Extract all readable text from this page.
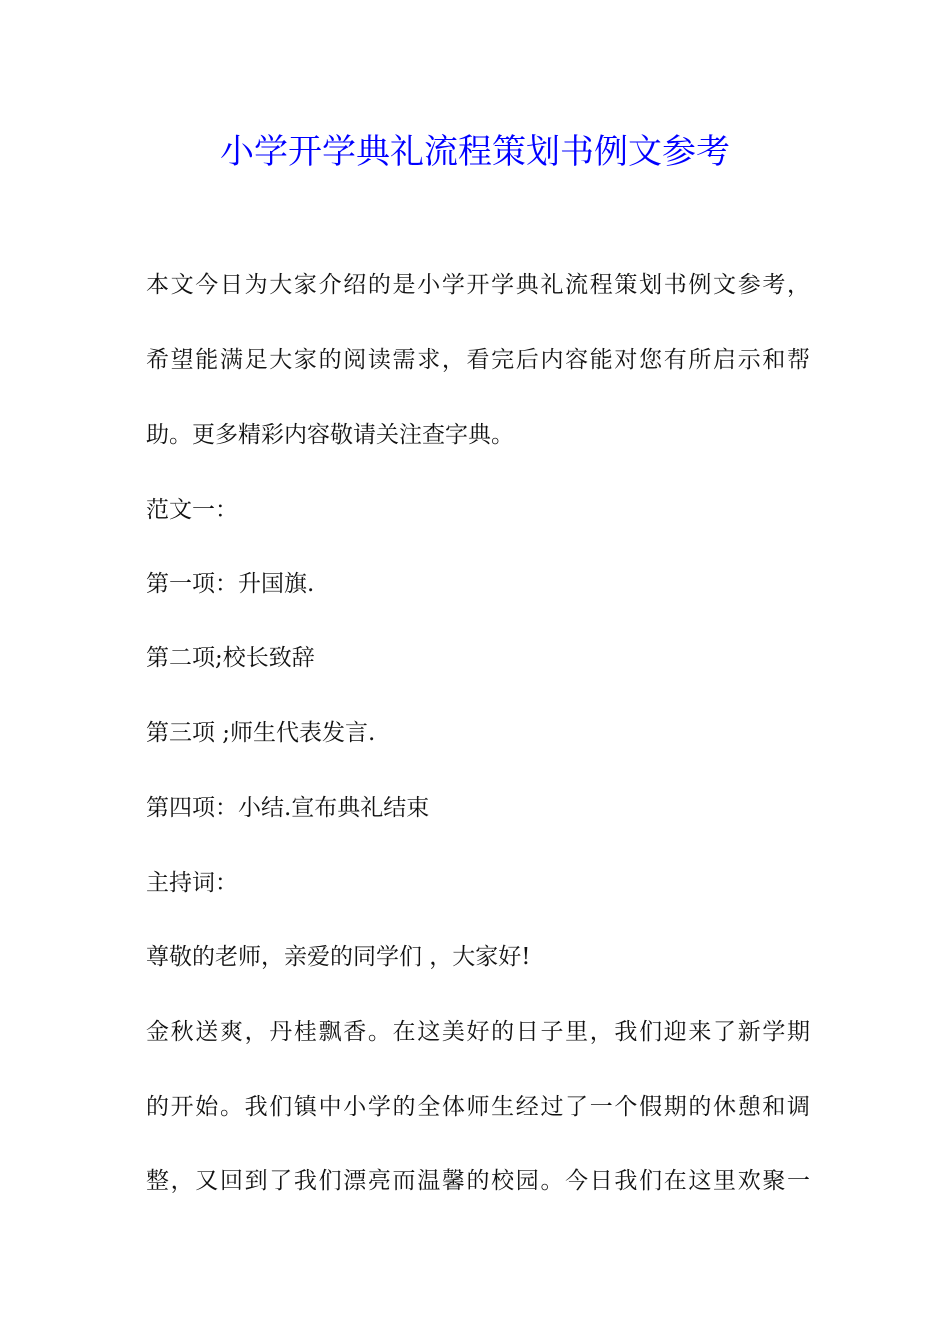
小学开学典礼流程策划书例文参考
本文今日为大家介绍的是小学开学典礼流程策划书例文参考，
希望能满足大家的阅读需求，看完后内容能对您有所启示和帮
助。更多精彩内容敬请关注查字典。
范文一：
第一项：升国旗.
第二项;校长致辞
第三项 ;师生代表发言.
第四项：小结.宣布典礼结束
主持词：
尊敬的老师，亲爱的同学们 ，大家好!
金秋送爽，丹桂飘香。在这美好的日子里，我们迎来了新学期
的开始。我们镇中小学的全体师生经过了一个假期的休憩和调
整，又回到了我们漂亮而温馨的校园。今日我们在这里欢聚一
